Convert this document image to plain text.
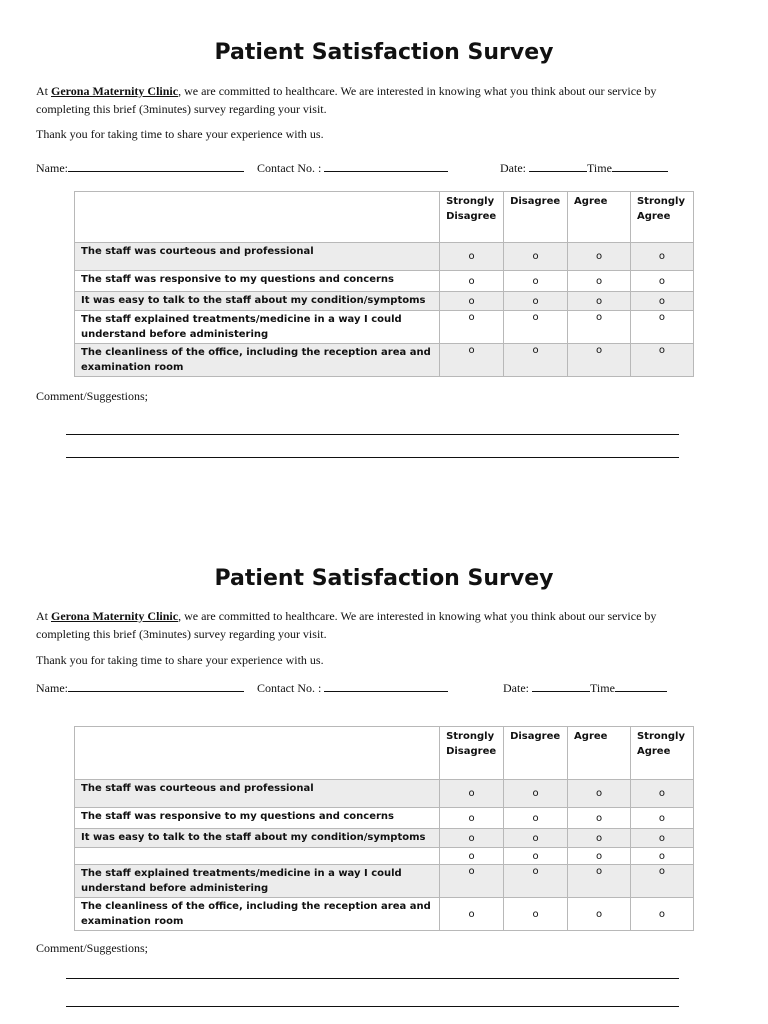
Patient Satisfaction Survey

At Gerona Maternity Clinic, we are committed to healthcare. We are interested in knowing what you think about our service by completing this brief (3minutes) survey regarding your visit.

Thank you for taking time to share your experience with us.

Name:	Contact No. :	Date:	Time
	Strongly Disagree	Disagree	Agree	Strongly Agree
The staff was courteous and professional	o	o	o	o
The staff was responsive to my questions and concerns	o	o	o	o
It was easy to talk to the staff about my condition/symptoms	o	o	o	o
The staff explained treatments/medicine in a way I could understand before administering	o	o	o	o
The cleanliness of the office, including the reception area and examination room	o	o	o	o

Comment/Suggestions;

Patient Satisfaction Survey

At Gerona Maternity Clinic, we are committed to healthcare. We are interested in knowing what you think about our service by completing this brief (3minutes) survey regarding your visit.

Thank you for taking time to share your experience with us.

Name:	Contact No. :	Date:	Time
	Strongly Disagree	Disagree	Agree	Strongly Agree
The staff was courteous and professional	o	o	o	o
The staff was responsive to my questions and concerns	o	o	o	o
It was easy to talk to the staff about my condition/symptoms	o	o	o	o
	o	o	o	o
The staff explained treatments/medicine in a way I could understand before administering	o	o	o	o
The cleanliness of the office, including the reception area and examination room	o	o	o	o

Comment/Suggestions;
